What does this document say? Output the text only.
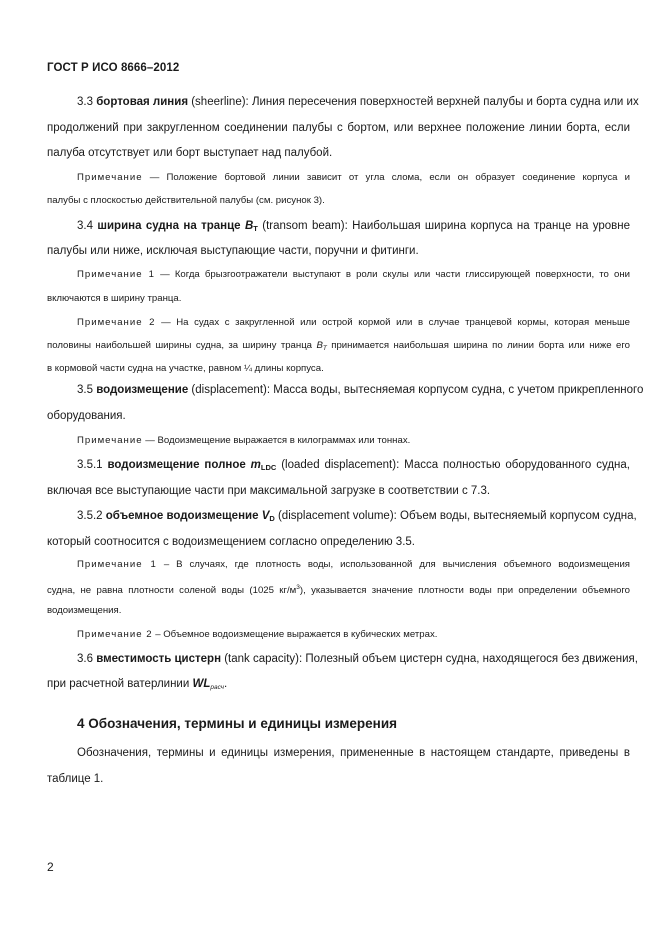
ГОСТ Р ИСО 8666–2012
3.3 бортовая линия (sheerline): Линия пересечения поверхностей верхней палубы и борта судна или их
продолжений при закругленном соединении палубы с бортом, или верхнее положение линии борта, если
палуба отсутствует или борт выступает над палубой.
Примечание — Положение бортовой линии зависит от угла слома, если он образует соединение корпуса и
палубы с плоскостью действительной палубы (см. рисунок 3).
3.4 ширина судна на транце $B_T$ (transom beam): Наибольшая ширина корпуса на транце на уровне
палубы или ниже, исключая выступающие части, поручни и фитинги.
Примечание 1 — Когда брызгоотражатели выступают в роли скулы или части глиссирующей поверхности, то они
включаются в ширину транца.
Примечание 2 — На судах с закругленной или острой кормой или в случае транцевой кормы, которая меньше
половины наибольшей ширины судна, за ширину транца $B_T$ принимается наибольшая ширина по линии борта или ниже его
в кормовой части судна на участке, равном ¼ длины корпуса.
3.5 водоизмещение (displacement): Масса воды, вытесняемая корпусом судна, с учетом прикрепленного
оборудования.
Примечание — Водоизмещение выражается в килограммах или тоннах.
3.5.1 водоизмещение полное $m_{LDC}$ (loaded displacement): Масса полностью оборудованного судна,
включая все выступающие части при максимальной загрузке в соответствии с 7.3.
3.5.2 объемное водоизмещение $V_D$ (displacement volume): Объем воды, вытесняемый корпусом судна,
который соотносится с водоизмещением согласно определению 3.5.
Примечание 1 – В случаях, где плотность воды, использованной для вычисления объемного водоизмещения
судна, не равна плотности соленой воды (1025 $кг/м^3$), указывается значение плотности воды при определении объемного
водоизмещения.
Примечание 2 – Объемное водоизмещение выражается в кубических метрах.
3.6 вместимость цистерн (tank capacity): Полезный объем цистерн судна, находящегося без движения,
при расчетной ватерлинии WLрасч.
4 Обозначения, термины и единицы измерения
Обозначения, термины и единицы измерения, примененные в настоящем стандарте, приведены в
таблице 1.
2
